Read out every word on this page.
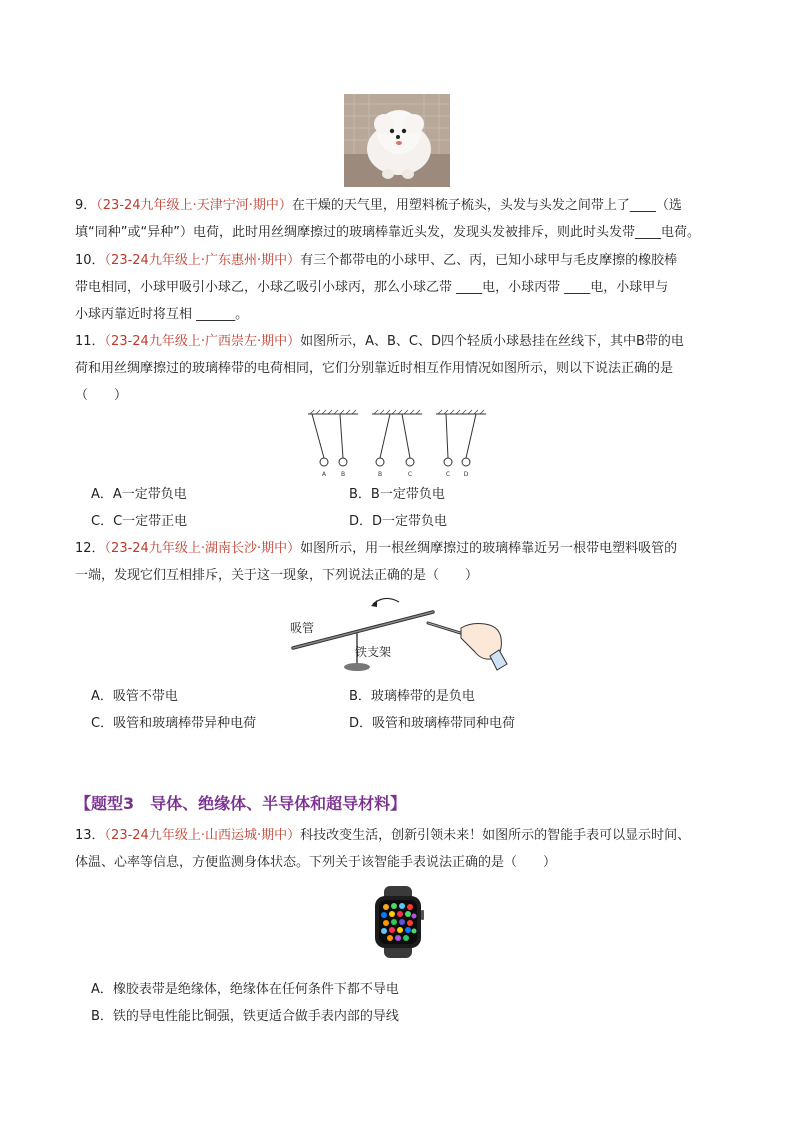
9．（23-24九年级上·天津宁河·期中）在干燥的天气里，用塑料梳子梳头，头发与头发之间带上了____（选
填“同种”或“异种”）电荷，此时用丝绸摩擦过的玻璃棒靠近头发，发现头发被排斥，则此时头发带____电荷。
10．（23-24九年级上·广东惠州·期中）有三个都带电的小球甲、乙、丙，已知小球甲与毛皮摩擦的橡胶棒
带电相同，小球甲吸引小球乙，小球乙吸引小球丙，那么小球乙带 ____电，小球丙带 ____电，小球甲与
小球丙靠近时将互相 ______。
11．（23-24九年级上·广西崇左·期中）如图所示，A、B、C、D四个轻质小球悬挂在丝线下，其中B带的电
荷和用丝绸摩擦过的玻璃棒带的电荷相同，它们分别靠近时相互作用情况如图所示，则以下说法正确的是
（　　）
A B	B	C	C D
A．A一定带负电	B．B一定带负电
C．C一定带正电	D．D一定带负电
12．（23-24九年级上·湖南长沙·期中）如图所示，用一根丝绸摩擦过的玻璃棒靠近另一根带电塑料吸管的
一端，发现它们互相排斥，关于这一现象，下列说法正确的是（　　）
吸管
铁支架
A．吸管不带电	B．玻璃棒带的是负电
C．吸管和玻璃棒带异种电荷	D．吸管和玻璃棒带同种电荷
【题型3　导体、绝缘体、半导体和超导材料】
13．（23-24九年级上·山西运城·期中）科技改变生活，创新引领未来！如图所示的智能手表可以显示时间、
体温、心率等信息，方便监测身体状态。下列关于该智能手表说法正确的是（　　）
A．橡胶表带是绝缘体，绝缘体在任何条件下都不导电
B．铁的导电性能比铜强，铁更适合做手表内部的导线
